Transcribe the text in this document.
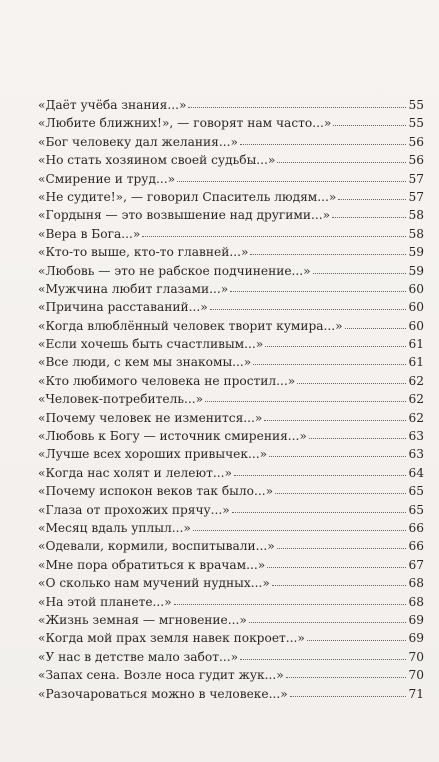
«Даёт учёба знания...»	55
«Любите ближних!», — говорят нам часто...»	55
«Бог человеку дал желания...»	56
«Но стать хозяином своей судьбы...»	56
«Смирение и труд...»	57
«Не судите!», — говорил Спаситель людям...»	57
«Гордыня — это возвышение над другими...»	58
«Вера в Бога...»	58
«Кто-то выше, кто-то главней...»	59
«Любовь — это не рабское подчинение...»	59
«Мужчина любит глазами...»	60
«Причина расставаний...»	60
«Когда влюблённый человек творит кумира...»	60
«Если хочешь быть счастливым...»	61
«Все люди, с кем мы знакомы...»	61
«Кто любимого человека не простил...»	62
«Человек-потребитель...»	62
«Почему человек не изменится...»	62
«Любовь к Богу — источник смирения...»	63
«Лучше всех хороших привычек...»	63
«Когда нас холят и лелеют...»	64
«Почему испокон веков так было...»	65
«Глаза от прохожих прячу...»	65
«Месяц вдаль уплыл...»	66
«Одевали, кормили, воспитывали...»	66
«Мне пора обратиться к врачам...»	67
«О сколько нам мучений нудных...»	68
«На этой планете...»	68
«Жизнь земная — мгновение...»	69
«Когда мой прах земля навек покроет...»	69
«У нас в детстве мало забот...»	70
«Запах сена. Возле носа гудит жук...»	70
«Разочароваться можно в человеке...»	71
